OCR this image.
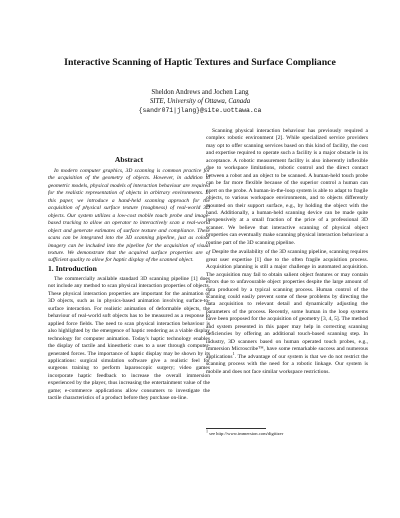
Interactive Scanning of Haptic Textures and Surface Compliance
Sheldon Andrews and Jochen Lang
SITE, University of Ottawa, Canada
{sandr071|jlang}@site.uottawa.ca
Abstract
In modern computer graphics, 3D scanning is common practice for the acquisition of the geometry of objects. However, in addition to geometric models, physical models of interaction behaviour are required for the realistic representation of objects in arbitrary environments. In this paper, we introduce a hand-held scanning approach for the acquisition of physical surface texture (roughness) of real-world 3D objects. Our system utilizes a low-cost mobile touch probe and image-based tracking to allow an operator to interactively scan a real-world object and generate estimates of surface texture and compliance. These scans can be integrated into the 3D scanning pipeline, just as colour imagery can be included into the pipeline for the acquisition of visual texture. We demonstrate that the acquired surface properties are of sufficient quality to allow for haptic display of the scanned object.
1. Introduction

The commercially available standard 3D scanning pipeline [1] does not include any method to scan physical interaction properties of objects. These physical interaction properties are important for the animation of 3D objects, such as in physics-based animation involving surface-to-surface interaction. For realistic animation of deformable objects, the behaviour of real-world soft objects has to be measured as a response to applied force fields. The need to scan physical interaction behaviour is also highlighted by the emergence of haptic rendering as a viable display technology for computer animation. Today's haptic technology enables the display of tactile and kinesthetic cues to a user through computer-generated forces. The importance of haptic display may be shown by its applications: surgical simulation software give a realistic feel for surgeons training to perform laparoscopic surgery; video games incorporate haptic feedback to increase the overall immersion experienced by the player, thus increasing the entertainment value of the game; e-commerce applications allow consumers to investigate the tactile characteristics of a product before they purchase on-line.

Scanning physical interaction behaviour has previously required a complex robotic environment [2]. While specialized service providers may opt to offer scanning services based on this kind of facility, the cost and expertise required to operate such a facility is a major obstacle in its acceptance. A robotic measurement facility is also inherently inflexible due to workspace limitations, robotic control and the direct contact between a robot and an object to be scanned. A human-held touch probe can be far more flexible because of the superior control a human can exert on the probe. A human-in-the-loop system is able to adapt to fragile objects, to various workspace environments, and to objects differently mounted on their support surface, e.g., by holding the object with the hand. Additionally, a human-held scanning device can be made quite inexpensively at a small fraction of the price of a professional 3D scanner. We believe that interactive scanning of physical object properties can eventually make scanning physical interaction behaviour a routine part of the 3D scanning pipeline.

Despite the availability of the 3D scanning pipeline, scanning requires great user expertise [1] due to the often fragile acquisition process. Acquisition planning is still a major challenge in automated acquisition. The acquisition may fail to obtain salient object features or may contain errors due to unfavourable object properties despite the large amount of data produced by a typical scanning process. Human control of the scanning could easily prevent some of these problems by directing the data acquisition to relevant detail and dynamically adjusting the parameters of the process. Recently, some human in the loop systems have been proposed for the acquisition of geometry [3, 4, 5]. The method and system presented in this paper may help in correcting scanning deficiencies by offering an additional touch-based scanning step. In industry, 3D scanners based on human operated touch probes, e.g., Immersion Microscribe™, have some remarkable success and numerous applications$^1$. The advantage of our system is that we do not restrict the scanning process with the need for a robotic linkage. Our system is mobile and does not face similar workspace restrictions.

$^1$ see http://www.immersion.com/digitizer
